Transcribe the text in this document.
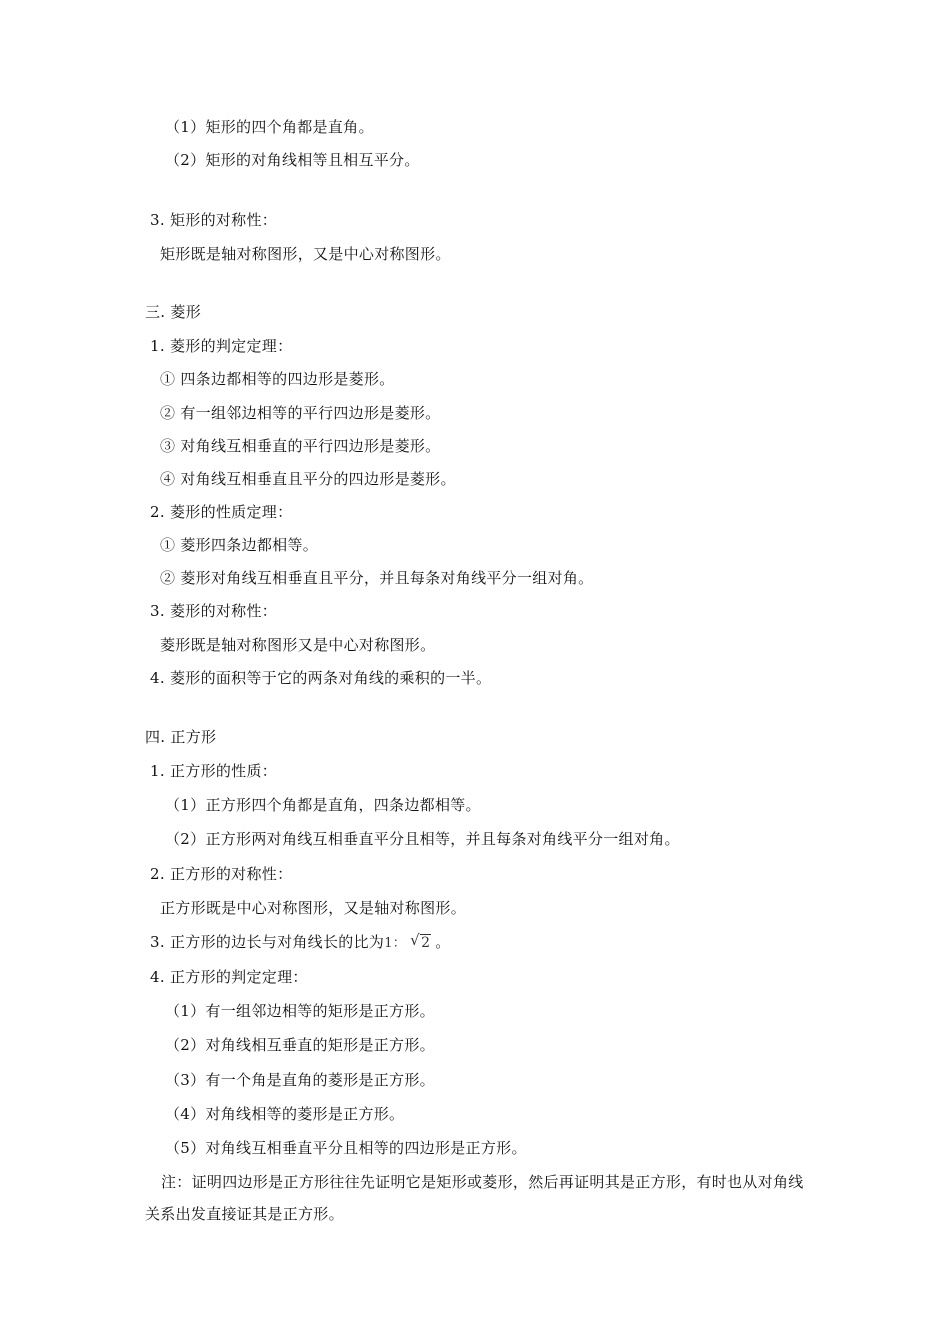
（1）矩形的四个角都是直角。
（2）矩形的对角线相等且相互平分。
3. 矩形的对称性：
矩形既是轴对称图形，又是中心对称图形。
三. 菱形
1. 菱形的判定定理：
① 四条边都相等的四边形是菱形。
② 有一组邻边相等的平行四边形是菱形。
③ 对角线互相垂直的平行四边形是菱形。
④ 对角线互相垂直且平分的四边形是菱形。
2. 菱形的性质定理：
① 菱形四条边都相等。
② 菱形对角线互相垂直且平分，并且每条对角线平分一组对角。
3. 菱形的对称性：
菱形既是轴对称图形又是中心对称图形。
4. 菱形的面积等于它的两条对角线的乘积的一半。
四. 正方形
1. 正方形的性质：
（1）正方形四个角都是直角，四条边都相等。
（2）正方形两对角线互相垂直平分且相等，并且每条对角线平分一组对角。
2. 正方形的对称性：
正方形既是中心对称图形，又是轴对称图形。
3. 正方形的边长与对角线长的比为1： √ 2 。
4. 正方形的判定定理：
（1）有一组邻边相等的矩形是正方形。
（2）对角线相互垂直的矩形是正方形。
（3）有一个角是直角的菱形是正方形。
（4）对角线相等的菱形是正方形。
（5）对角线互相垂直平分且相等的四边形是正方形。
注：证明四边形是正方形往往先证明它是矩形或菱形，然后再证明其是正方形，有时也从对角线关系出发直接证其是正方形。
